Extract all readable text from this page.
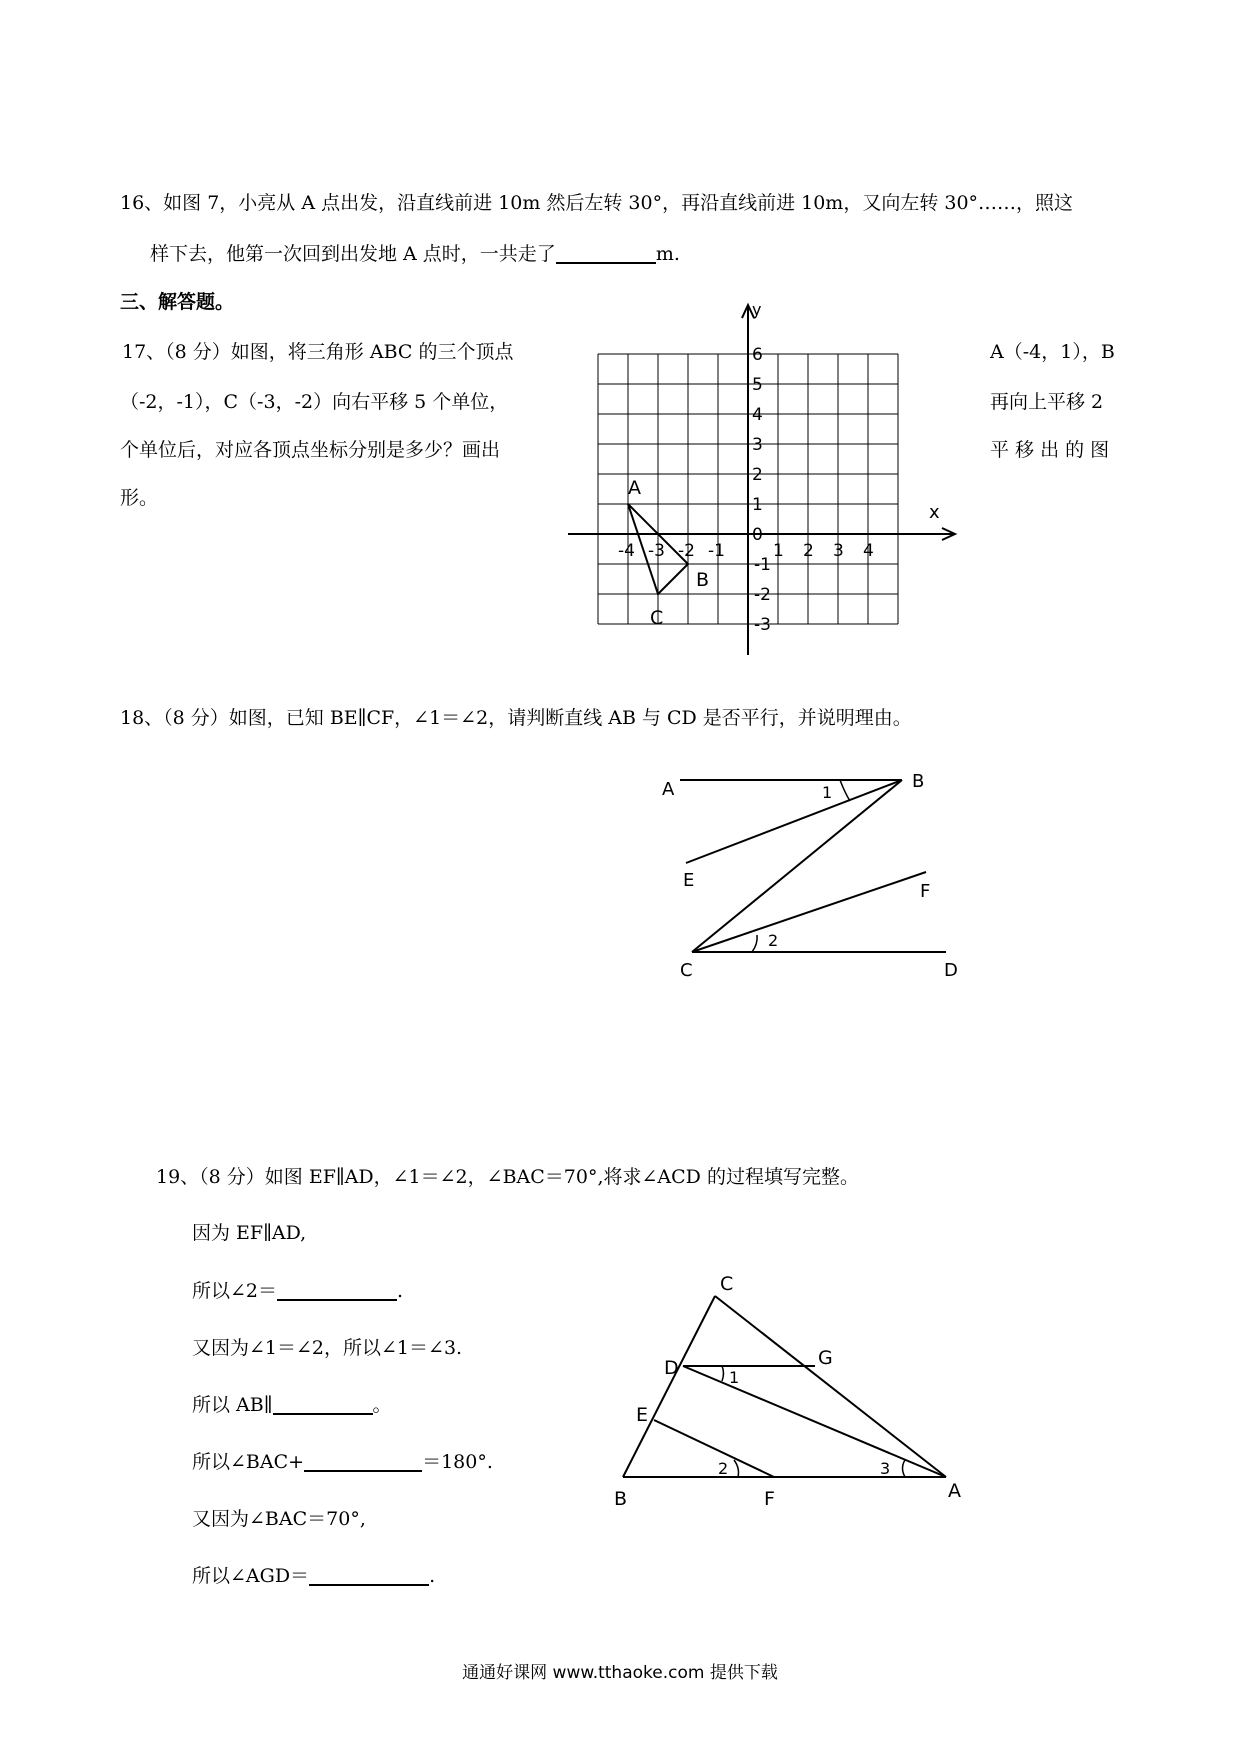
16、如图 7，小亮从 A 点出发，沿直线前进 10m 然后左转 30°，再沿直线前进 10m，又向左转 30°……，照这
样下去，他第一次回到出发地 A 点时，一共走了	m.
三、解答题。
17、（8 分）如图，将三角形 ABC 的三个顶点
（-2，-1），C（-3，-2）向右平移 5 个单位，
个单位后，对应各顶点坐标分别是多少？画出
形。
A（-4，1），B
再向上平移 2
平 移 出 的 图
x
y
-4 -3 -2 -1	1 2 3 4
6
5
4
3
2
1
0
-1
-2
-3
A
B
C
18、（8 分）如图，已知 BE∥CF，∠1＝∠2，请判断直线 AB 与 CD 是否平行，并说明理由。
A	B
E
F
C	D
1
2
19、（8 分）如图 EF∥AD，∠1＝∠2，∠BAC＝70°,将求∠ACD 的过程填写完整。
因为 EF∥AD,
所以∠2＝	.
又因为∠1＝∠2，所以∠1＝∠3.
所以 AB∥	。
所以∠BAC+	＝180°.
又因为∠BAC＝70°,
所以∠AGD＝	.
C
D	G
E
B	F	A
1
2	3
通通好课网 www.tthaoke.com 提供下载
